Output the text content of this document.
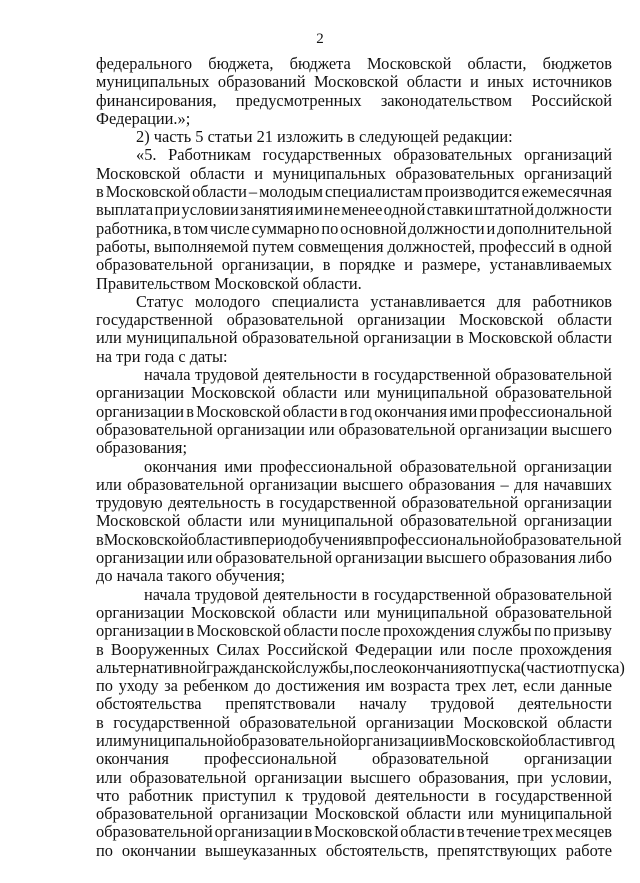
2
федерального бюджета, бюджета Московской области, бюджетов
муниципальных образований Московской области и иных источников
финансирования, предусмотренных законодательством Российской
Федерации.»;
2) часть 5 статьи 21 изложить в следующей редакции:
«5. Работникам государственных образовательных организаций
Московской области и муниципальных образовательных организаций
в Московской области – молодым специалистам производится ежемесячная
выплата при условии занятия ими не менее одной ставки штатной должности
работника, в том числе суммарно по основной должности и дополнительной
работы, выполняемой путем совмещения должностей, профессий в одной
образовательной организации, в порядке и размере, устанавливаемых
Правительством Московской области.
Статус молодого специалиста устанавливается для работников
государственной образовательной организации Московской области
или муниципальной образовательной организации в Московской области
на три года с даты:
начала трудовой деятельности в государственной образовательной
организации Московской области или муниципальной образовательной
организации в Московской области в год окончания ими профессиональной
образовательной организации или образовательной организации высшего
образования;
окончания ими профессиональной образовательной организации
или образовательной организации высшего образования – для начавших
трудовую деятельность в государственной образовательной организации
Московской области или муниципальной образовательной организации
в Московской области в период обучения в профессиональной образовательной
организации или образовательной организации высшего образования либо
до начала такого обучения;
начала трудовой деятельности в государственной образовательной
организации Московской области или муниципальной образовательной
организации в Московской области после прохождения службы по призыву
в Вооруженных Силах Российской Федерации или после прохождения
альтернативной гражданской службы, после окончания отпуска (части отпуска)
по уходу за ребенком до достижения им возраста трех лет, если данные
обстоятельства препятствовали началу трудовой деятельности
в государственной образовательной организации Московской области
или муниципальной образовательной организации в Московской области в год
окончания профессиональной образовательной организации
или образовательной организации высшего образования, при условии,
что работник приступил к трудовой деятельности в государственной
образовательной организации Московской области или муниципальной
образовательной организации в Московской области в течение трех месяцев
по окончании вышеуказанных обстоятельств, препятствующих работе
